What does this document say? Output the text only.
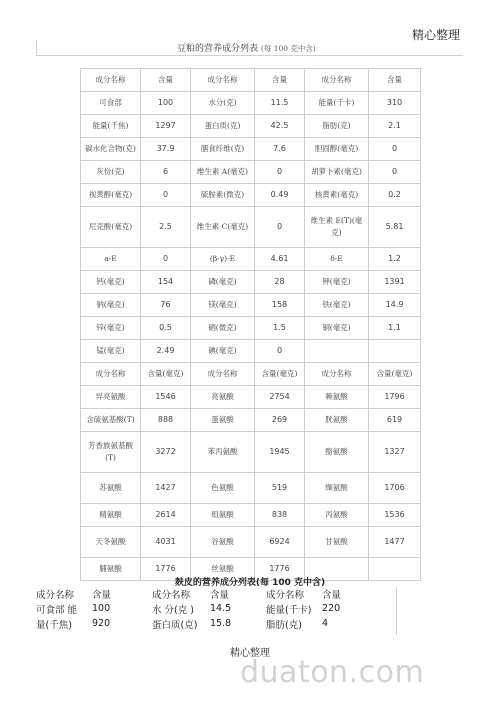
精心整理
豆粕的营养成分列表 (每 100 克中含)
成分名称	含量	成分名称	含量	成分名称	含量
可食部	100	水分(克)	11.5	能量(千卡)	310
能量(千焦)	1297	蛋白质(克)	42.5	脂肪(克)	2.1
碳水化合物(克)	37.9	膳食纤维(克)	7.6	胆固醇(毫克)	0
灰份(克)	6	维生素 A(毫克)	0	胡萝卜素(毫克)	0
视黄醇(毫克)	0	硫胺素(微克)	0.49	核黄素(毫克)	0.2
尼克酸(毫克)	2.5	维生素 C(毫克)	0	维生素 E(T)(毫克)	5.81
a-E	0	(β-γ)-E	4.61	δ-E	1.2
钙(毫克)	154	磷(毫克)	28	钾(毫克)	1391
钠(毫克)	76	镁(毫克)	158	铁(毫克)	14.9
锌(毫克)	0.5	硒(微克)	1.5	铜(毫克)	1.1
锰(毫克)	2.49	碘(毫克)	0		
成分名称	含量(毫克)	成分名称	含量(毫克)	成分名称	含量(毫克)
异亮氨酸	1546	亮氨酸	2754	赖氨酸	1796
含硫氨基酸(T)	888	蛋氨酸	269	胱氨酸	619
芳香族氨基酸(T)	3272	苯丙氨酸	1945	酪氨酸	1327
苏氨酸	1427	色氨酸	519	缬氨酸	1706
精氨酸	2614	组氨酸	838	丙氨酸	1536
天冬氨酸	4031	谷氨酸	6924	甘氨酸	1477
脯氨酸	1776	丝氨酸	1776		
麸皮的营养成分列表(每 100 克中含)
成分名称	含量	成分名称	含量	成分名称	含量
可食部 能	100	水 分(克 )	14.5	能量(千卡)	220
量(千焦)	920	蛋白质(克)	15.8	脂肪(克)	4
精心整理
duaton.com
